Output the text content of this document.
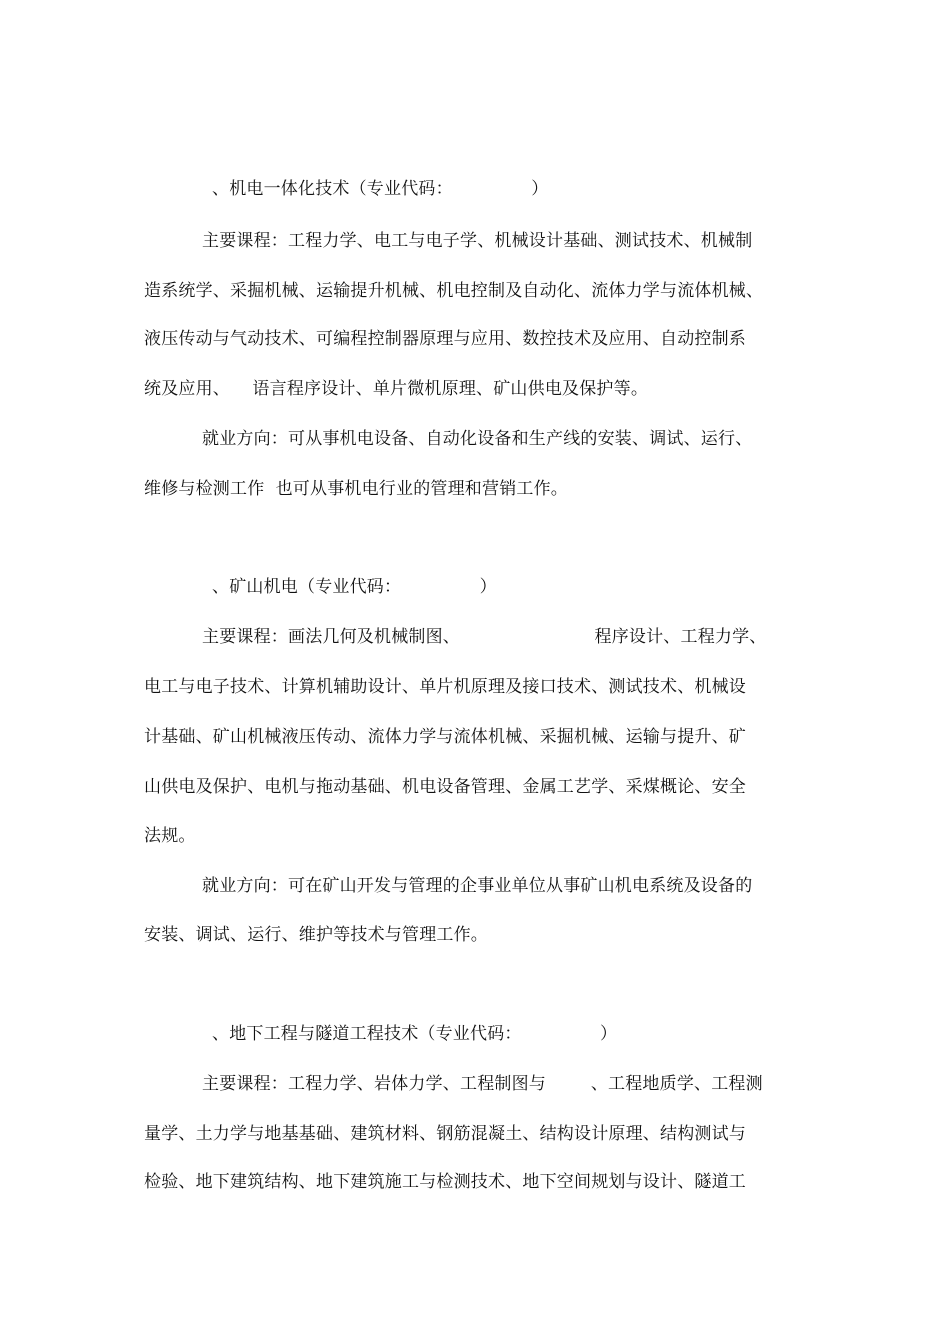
、机电一体化技术（专业代码：              ）
主要课程：工程力学、电工与电子学、机械设计基础、测试技术、机械制
造系统学、采掘机械、运输提升机械、机电控制及自动化、流体力学与流体机械、
液压传动与气动技术、可编程控制器原理与应用、数控技术及应用、自动控制系
统及应用、    语言程序设计、单片微机原理、矿山供电及保护等。
就业方向：可从事机电设备、自动化设备和生产线的安装、调试、运行、
维修与检测工作  也可从事机电行业的管理和营销工作。
、矿山机电（专业代码：              ）
主要课程：画法几何及机械制图、                        程序设计、工程力学、
电工与电子技术、计算机辅助设计、单片机原理及接口技术、测试技术、机械设
计基础、矿山机械液压传动、流体力学与流体机械、采掘机械、运输与提升、矿
山供电及保护、电机与拖动基础、机电设备管理、金属工艺学、采煤概论、安全
法规。
就业方向：可在矿山开发与管理的企事业单位从事矿山机电系统及设备的
安装、调试、运行、维护等技术与管理工作。
、地下工程与隧道工程技术（专业代码：              ）
主要课程：工程力学、岩体力学、工程制图与        、工程地质学、工程测
量学、土力学与地基基础、建筑材料、钢筋混凝土、结构设计原理、结构测试与
检验、地下建筑结构、地下建筑施工与检测技术、地下空间规划与设计、隧道工
